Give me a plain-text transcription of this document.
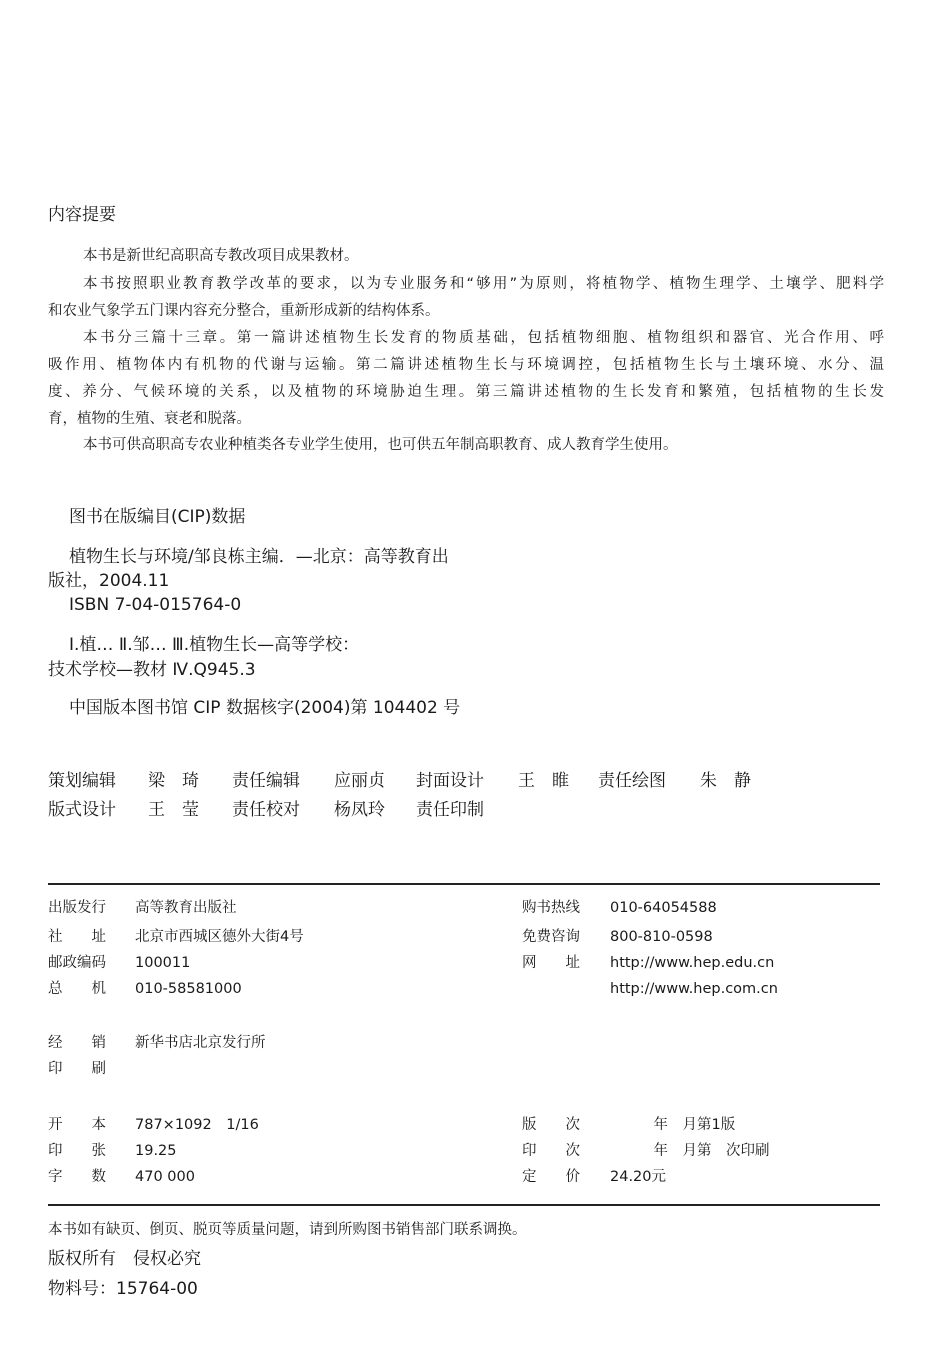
内容提要
本书是新世纪高职高专教改项目成果教材。
本书按照职业教育教学改革的要求，以为专业服务和“够用”为原则，将植物学、植物生理学、土壤学、肥料学
和农业气象学五门课内容充分整合，重新形成新的结构体系。
本书分三篇十三章。第一篇讲述植物生长发育的物质基础，包括植物细胞、植物组织和器官、光合作用、呼
吸作用、植物体内有机物的代谢与运输。第二篇讲述植物生长与环境调控，包括植物生长与土壤环境、水分、温
度、养分、气候环境的关系，以及植物的环境胁迫生理。第三篇讲述植物的生长发育和繁殖，包括植物的生长发
育，植物的生殖、衰老和脱落。
本书可供高职高专农业种植类各专业学生使用，也可供五年制高职教育、成人教育学生使用。
图书在版编目(CIP)数据
植物生长与环境/邹良栋主编．—北京：高等教育出
版社，2004.11
ISBN 7-04-015764-0
Ⅰ.植… Ⅱ.邹… Ⅲ.植物生长—高等学校：
技术学校—教材 Ⅳ.Q945.3
中国版本图书馆 CIP 数据核字(2004)第 104402 号
策划编辑 梁　琦 责任编辑 应丽贞 封面设计 王　睢 责任绘图 朱　静
版式设计 王　莹 责任校对 杨凤玲 责任印制
出版发行 高等教育出版社
社　　址 北京市西城区德外大街4号
邮政编码 100011
总　　机 010-58581000
经　　销 新华书店北京发行所
印　　刷
开　　本 787×1092　1/16
印　　张 19.25
字　　数 470 000
购书热线 010-64054588
免费咨询 800-810-0598
网　　址 http://www.hep.edu.cn
http://www.hep.com.cn
版　　次 　　　年　月第1版
印　　次 　　　年　月第　次印刷
定　　价 24.20元
本书如有缺页、倒页、脱页等质量问题，请到所购图书销售部门联系调换。
版权所有　侵权必究
物料号：15764-00
